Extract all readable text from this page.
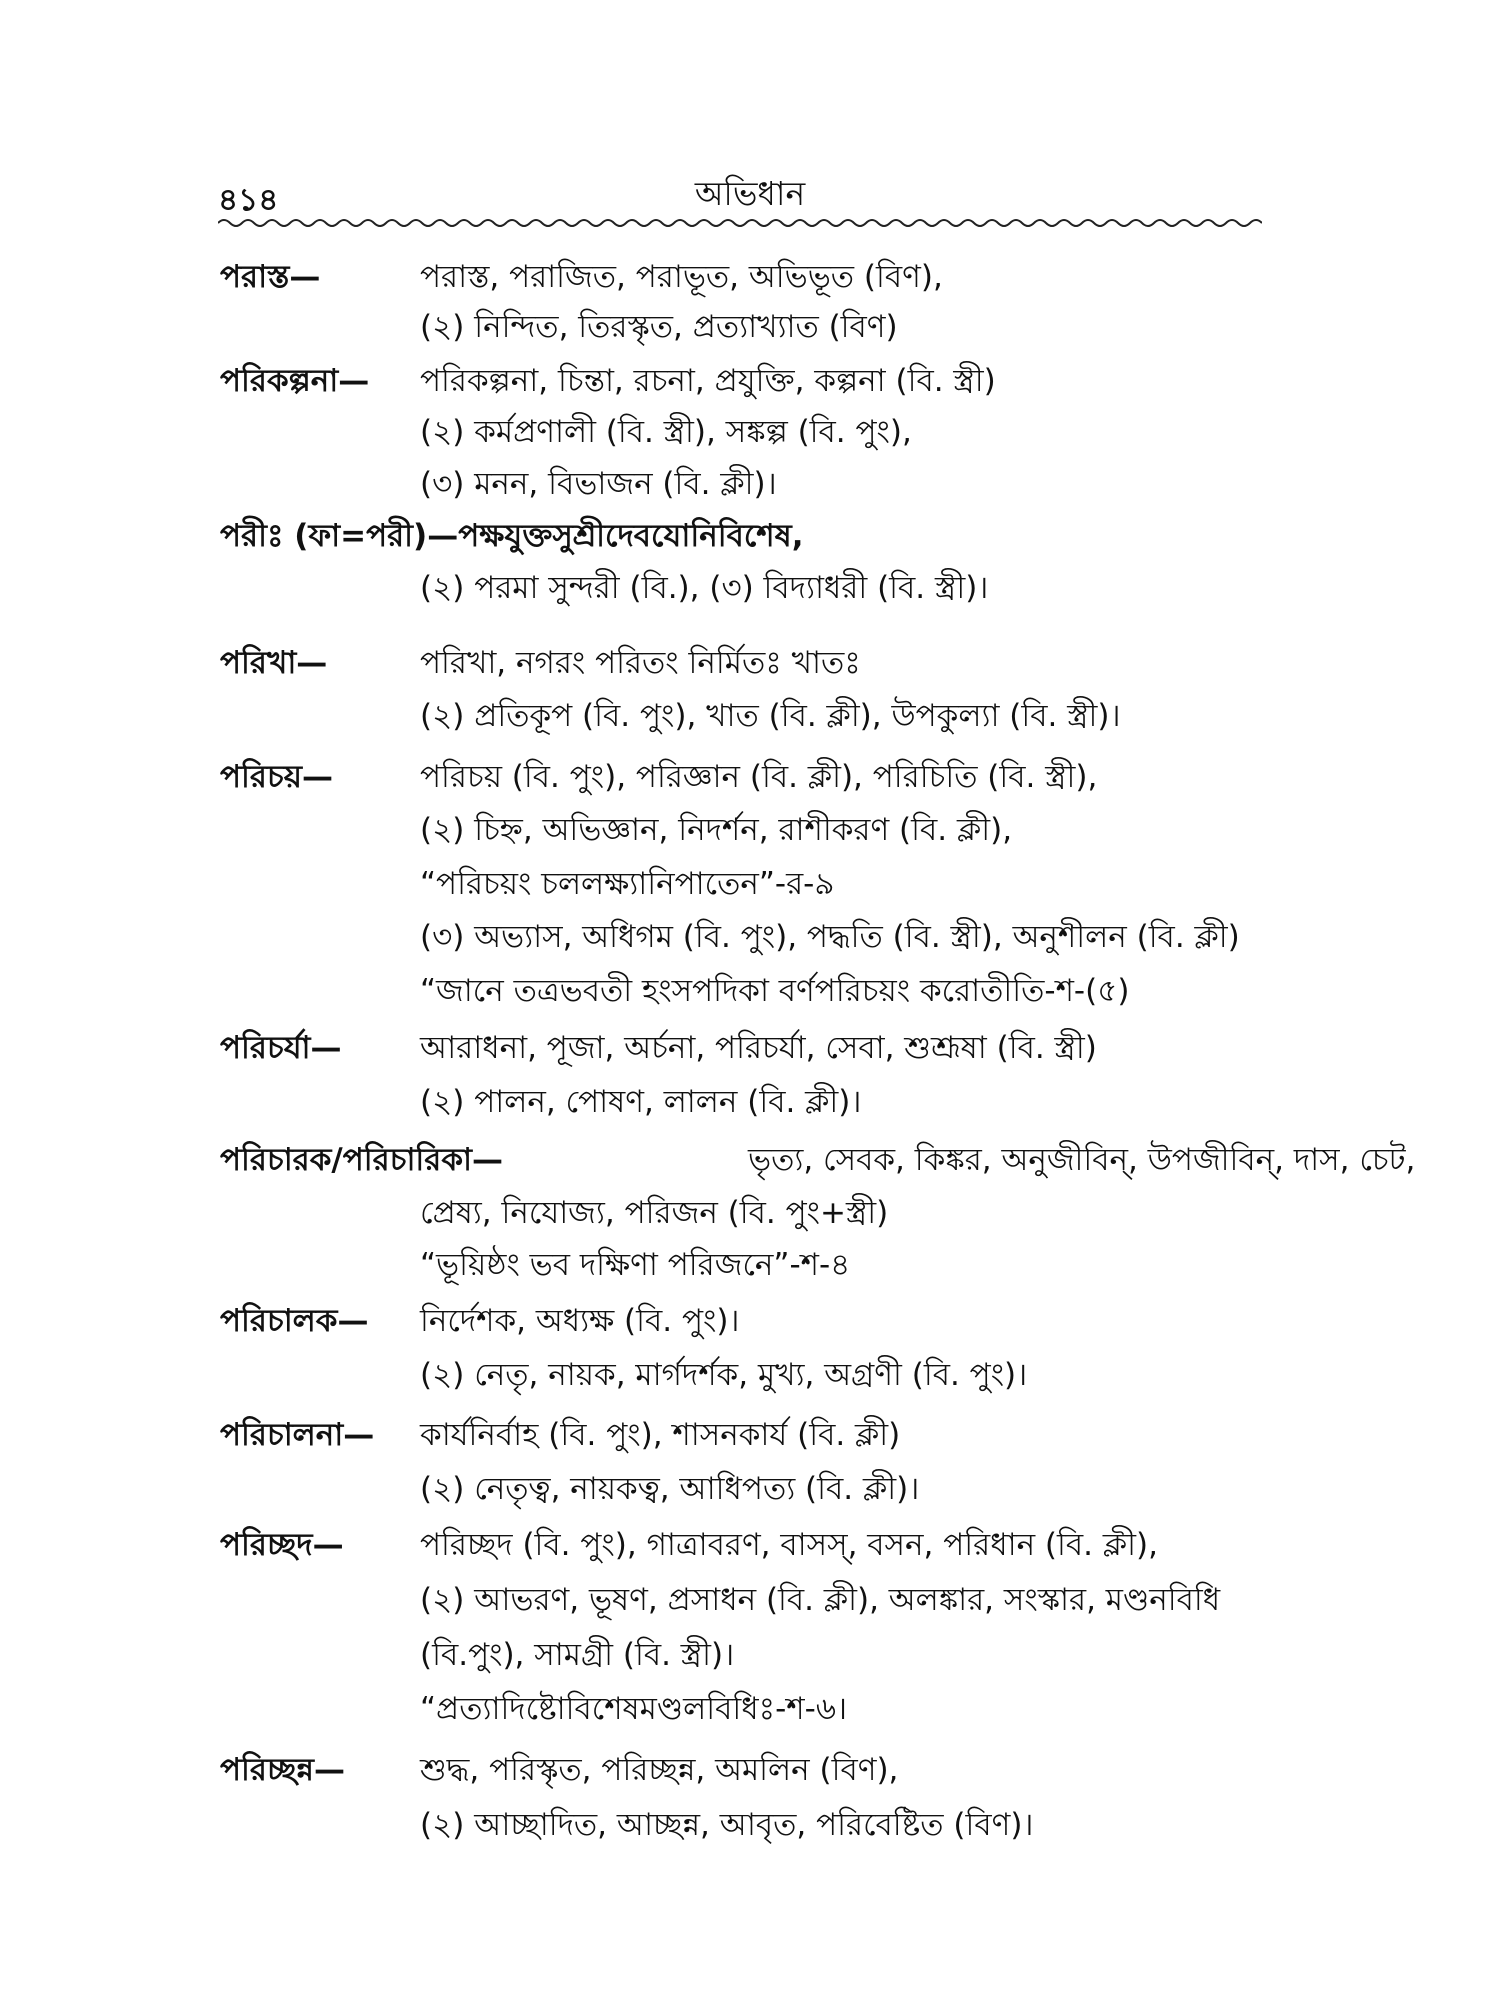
৪১৪	অভিধান
পরাস্ত—	পরাস্ত, পরাজিত, পরাভূত, অভিভূত (বিণ),
(২) নিন্দিত, তিরস্কৃত, প্রত্যাখ্যাত (বিণ)
পরিকল্পনা— পরিকল্পনা, চিন্তা, রচনা, প্রযুক্তি, কল্পনা (বি. স্ত্রী)
(২) কর্মপ্রণালী (বি. স্ত্রী), সঙ্কল্প (বি. পুং),
(৩) মনন, বিভাজন (বি. ক্লী)।
পরীঃ (ফা=পরী)—পক্ষযুক্তসুশ্রীদেবযোনিবিশেষ,
(২) পরমা সুন্দরী (বি.), (৩) বিদ্যাধরী (বি. স্ত্রী)।
পরিখা—	পরিখা, নগরং পরিতং নির্মিতঃ খাতঃ
(২) প্রতিকূপ (বি. পুং), খাত (বি. ক্লী), উপকুল্যা (বি. স্ত্রী)।
পরিচয়—	পরিচয় (বি. পুং), পরিজ্ঞান (বি. ক্লী), পরিচিতি (বি. স্ত্রী),
(২) চিহ্ন, অভিজ্ঞান, নিদর্শন, রাশীকরণ (বি. ক্লী),
“পরিচয়ং চললক্ষ্যানিপাতেন”-র-৯
(৩) অভ্যাস, অধিগম (বি. পুং), পদ্ধতি (বি. স্ত্রী), অনুশীলন (বি. ক্লী)
“জানে তত্রভবতী হংসপদিকা বর্ণপরিচয়ং করোতীতি-শ-(৫)
পরিচর্যা—	আরাধনা, পূজা, অর্চনা, পরিচর্যা, সেবা, শুশ্রূষা (বি. স্ত্রী)
(২) পালন, পোষণ, লালন (বি. ক্লী)।
পরিচারক/পরিচারিকা—	ভৃত্য, সেবক, কিঙ্কর, অনুজীবিন্, উপজীবিন্, দাস, চেট,
প্রেষ্য, নিযোজ্য, পরিজন (বি. পুং+স্ত্রী)
“ভূয়িষ্ঠং ভব দক্ষিণা পরিজনে”-শ-৪
পরিচালক— নির্দেশক, অধ্যক্ষ (বি. পুং)।
(২) নেতৃ, নায়ক, মার্গদর্শক, মুখ্য, অগ্রণী (বি. পুং)।
পরিচালনা— কার্যনির্বাহ (বি. পুং), শাসনকার্য (বি. ক্লী)
(২) নেতৃত্ব, নায়কত্ব, আধিপত্য (বি. ক্লী)।
পরিচ্ছদ— পরিচ্ছদ (বি. পুং), গাত্রাবরণ, বাসস্, বসন, পরিধান (বি. ক্লী),
(২) আভরণ, ভূষণ, প্রসাধন (বি. ক্লী), অলঙ্কার, সংস্কার, মণ্ডনবিধি
(বি.পুং), সামগ্রী (বি. স্ত্রী)।
“প্রত্যাদিষ্টোবিশেষমণ্ডলবিধিঃ-শ-৬।
পরিচ্ছন্ন— শুদ্ধ, পরিস্কৃত, পরিচ্ছন্ন, অমলিন (বিণ),
(২) আচ্ছাদিত, আচ্ছন্ন, আবৃত, পরিবেষ্টিত (বিণ)।
